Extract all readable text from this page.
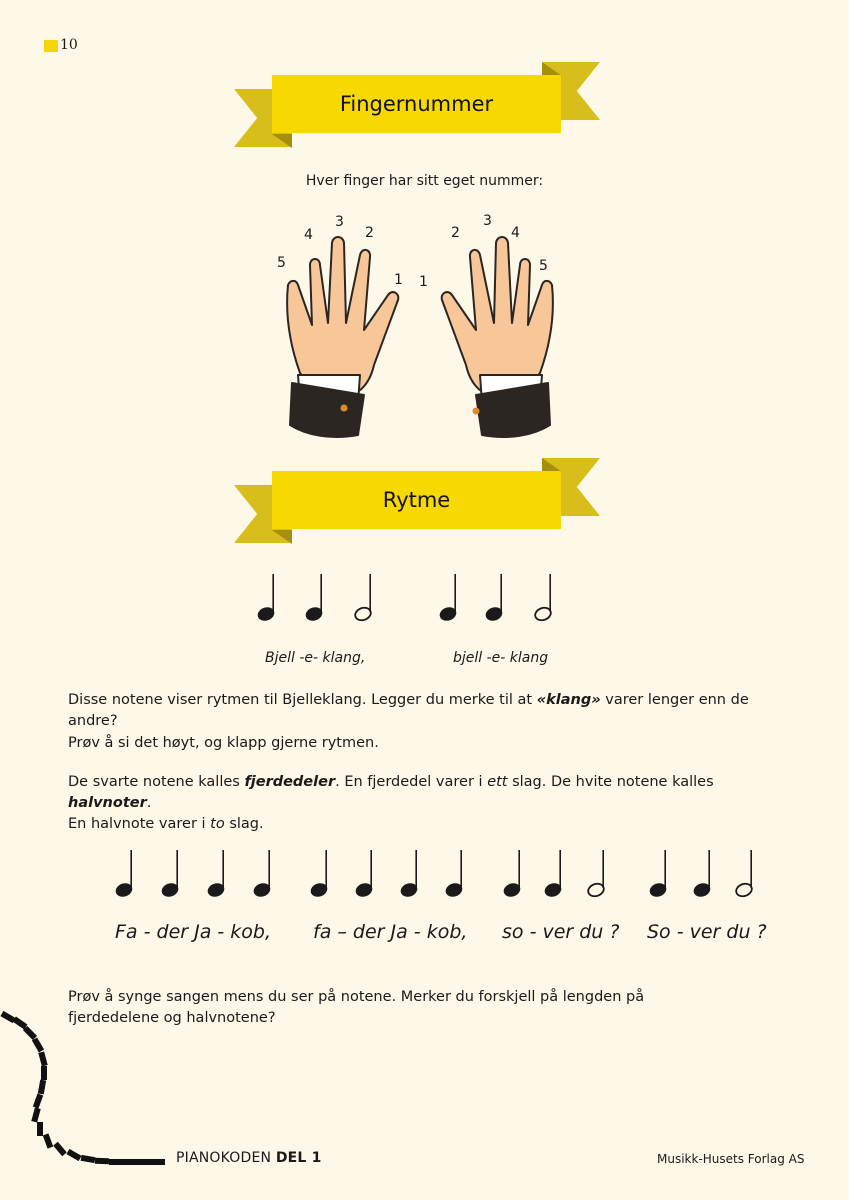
10
Fingernummer
Hver finger har sitt eget nummer:
5
4
3
2
1 1
2
3
4
5
Rytme
Bjell -e- klang,	bjell -e- klang
Disse notene viser rytmen til Bjelleklang. Legger du merke til at «klang» varer lenger enn de andre?
Prøv å si det høyt, og klapp gjerne rytmen.
De svarte notene kalles fjerdedeler. En fjerdedel varer i ett slag. De hvite notene kalles halvnoter.
En halvnote varer i to slag.
Fa - der Ja - kob, fa – der Ja - kob, so - ver du ? So - ver du ?
Prøv å synge sangen mens du ser på notene. Merker du forskjell på lengden på
fjerdedelene og halvnotene?
PIANOKODEN DEL 1	Musikk-Husets Forlag AS
